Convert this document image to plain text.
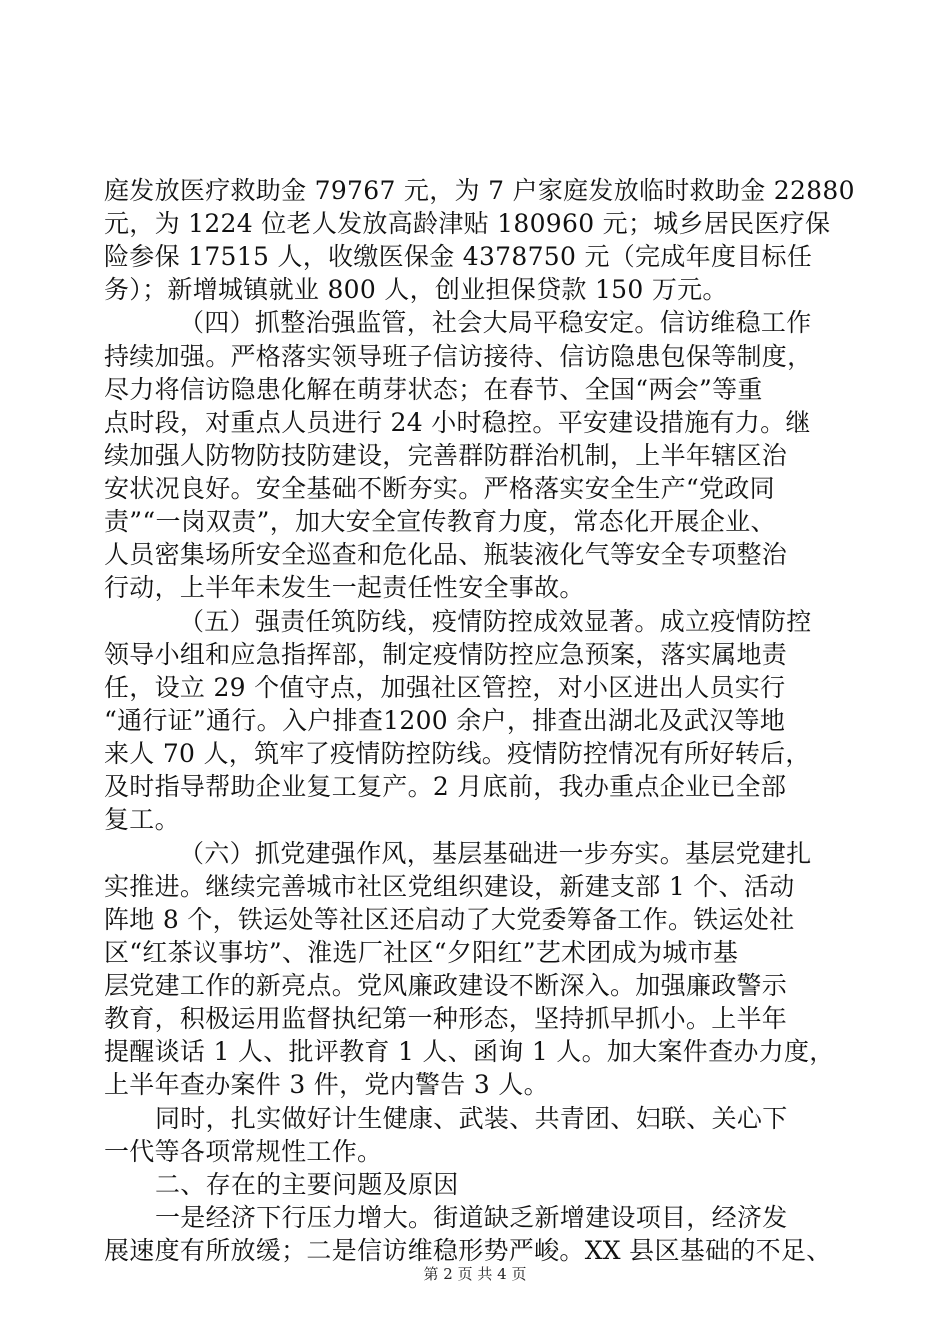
庭发放医疗救助金 79767 元，为 7 户家庭发放临时救助金 22880

元，为 1224 位老人发放高龄津贴 180960 元；城乡居民医疗保

险参保 17515 人，收缴医保金 4378750 元（完成年度目标任

务）；新增城镇就业 800 人，创业担保贷款 150 万元。

（四）抓整治强监管，社会大局平稳安定。信访维稳工作

持续加强。严格落实领导班子信访接待、信访隐患包保等制度，

尽力将信访隐患化解在萌芽状态；在春节、全国“两会”等重

点时段，对重点人员进行 24 小时稳控。平安建设措施有力。继

续加强人防物防技防建设，完善群防群治机制，上半年辖区治

安状况良好。安全基础不断夯实。严格落实安全生产“党政同

责”“一岗双责”，加大安全宣传教育力度，常态化开展企业、

人员密集场所安全巡查和危化品、瓶装液化气等安全专项整治

行动，上半年未发生一起责任性安全事故。

（五）强责任筑防线，疫情防控成效显著。成立疫情防控

领导小组和应急指挥部，制定疫情防控应急预案，落实属地责

任，设立 29 个值守点，加强社区管控，对小区进出人员实行

“通行证”通行。入户排查1200 余户，排查出湖北及武汉等地

来人 70 人，筑牢了疫情防控防线。疫情防控情况有所好转后，

及时指导帮助企业复工复产。2 月底前，我办重点企业已全部

复工。

（六）抓党建强作风，基层基础进一步夯实。基层党建扎

实推进。继续完善城市社区党组织建设，新建支部 1 个、活动

阵地 8 个，铁运处等社区还启动了大党委筹备工作。铁运处社

区“红茶议事坊”、淮选厂社区“夕阳红”艺术团成为城市基

层党建工作的新亮点。党风廉政建设不断深入。加强廉政警示

教育，积极运用监督执纪第一种形态，坚持抓早抓小。上半年

提醒谈话 1 人、批评教育 1 人、函询 1 人。加大案件查办力度，

上半年查办案件 3 件，党内警告 3 人。

同时，扎实做好计生健康、武装、共青团、妇联、关心下

一代等各项常规性工作。

二、存在的主要问题及原因

一是经济下行压力增大。街道缺乏新增建设项目，经济发

展速度有所放缓；二是信访维稳形势严峻。XX 县区基础的不足、

第 2 页 共 4 页
